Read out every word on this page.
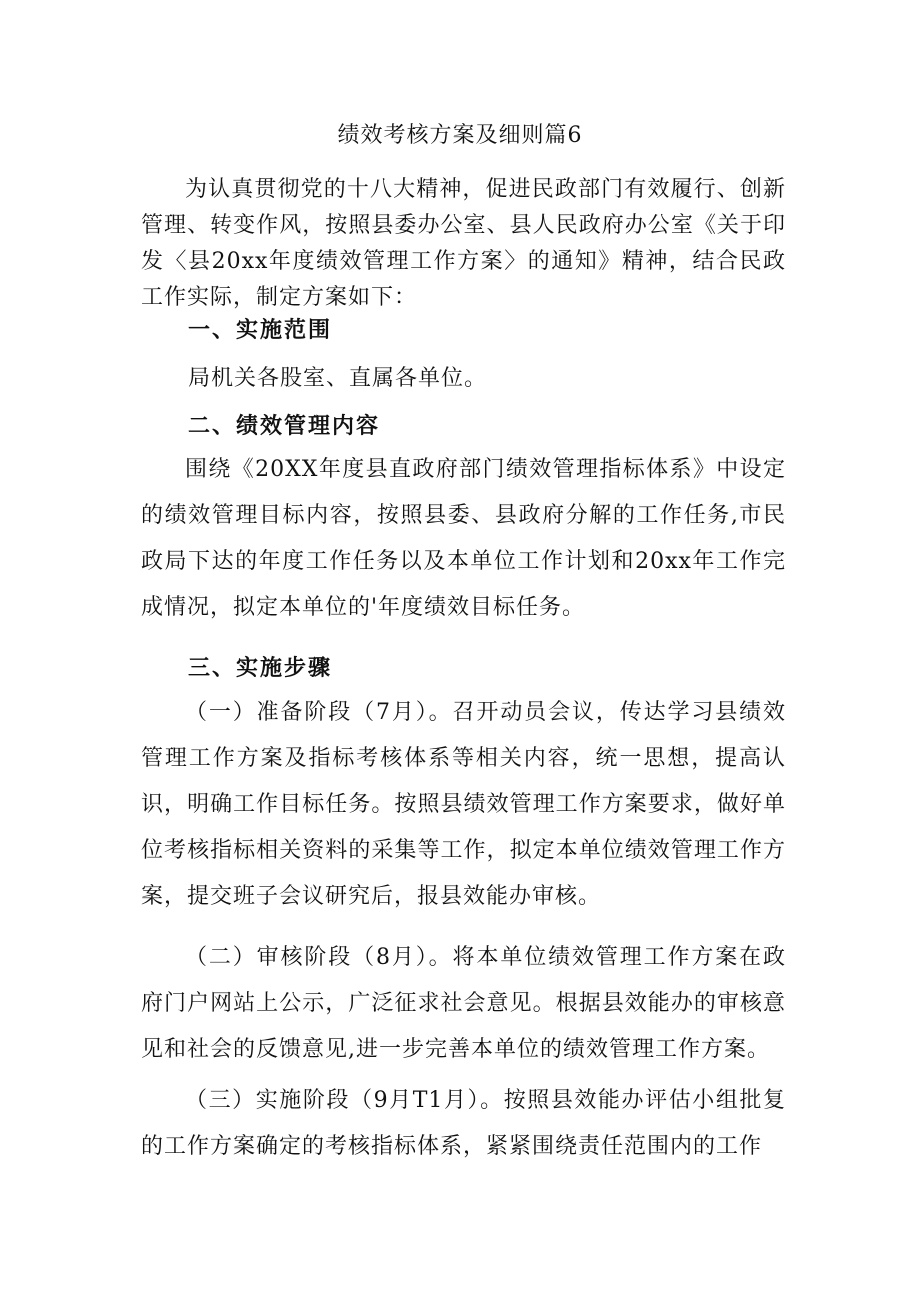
绩效考核方案及细则篇6
为认真贯彻党的十八大精神，促进民政部门有效履行、创新管理、转变作风，按照县委办公室、县人民政府办公室《关于印发〈县20xx年度绩效管理工作方案〉的通知》精神，结合民政工作实际，制定方案如下：
一、实施范围
局机关各股室、直属各单位。
二、绩效管理内容
围绕《20XX年度县直政府部门绩效管理指标体系》中设定的绩效管理目标内容，按照县委、县政府分解的工作任务,市民政局下达的年度工作任务以及本单位工作计划和20xx年工作完成情况，拟定本单位的'年度绩效目标任务。
三、实施步骤
（一）准备阶段（7月）。召开动员会议，传达学习县绩效管理工作方案及指标考核体系等相关内容，统一思想，提高认识，明确工作目标任务。按照县绩效管理工作方案要求，做好单位考核指标相关资料的采集等工作，拟定本单位绩效管理工作方案，提交班子会议研究后，报县效能办审核。
（二）审核阶段（8月）。将本单位绩效管理工作方案在政府门户网站上公示，广泛征求社会意见。根据县效能办的审核意见和社会的反馈意见,进一步完善本单位的绩效管理工作方案。
（三）实施阶段（9月T1月）。按照县效能办评估小组批复的工作方案确定的考核指标体系，紧紧围绕责任范围内的工作
